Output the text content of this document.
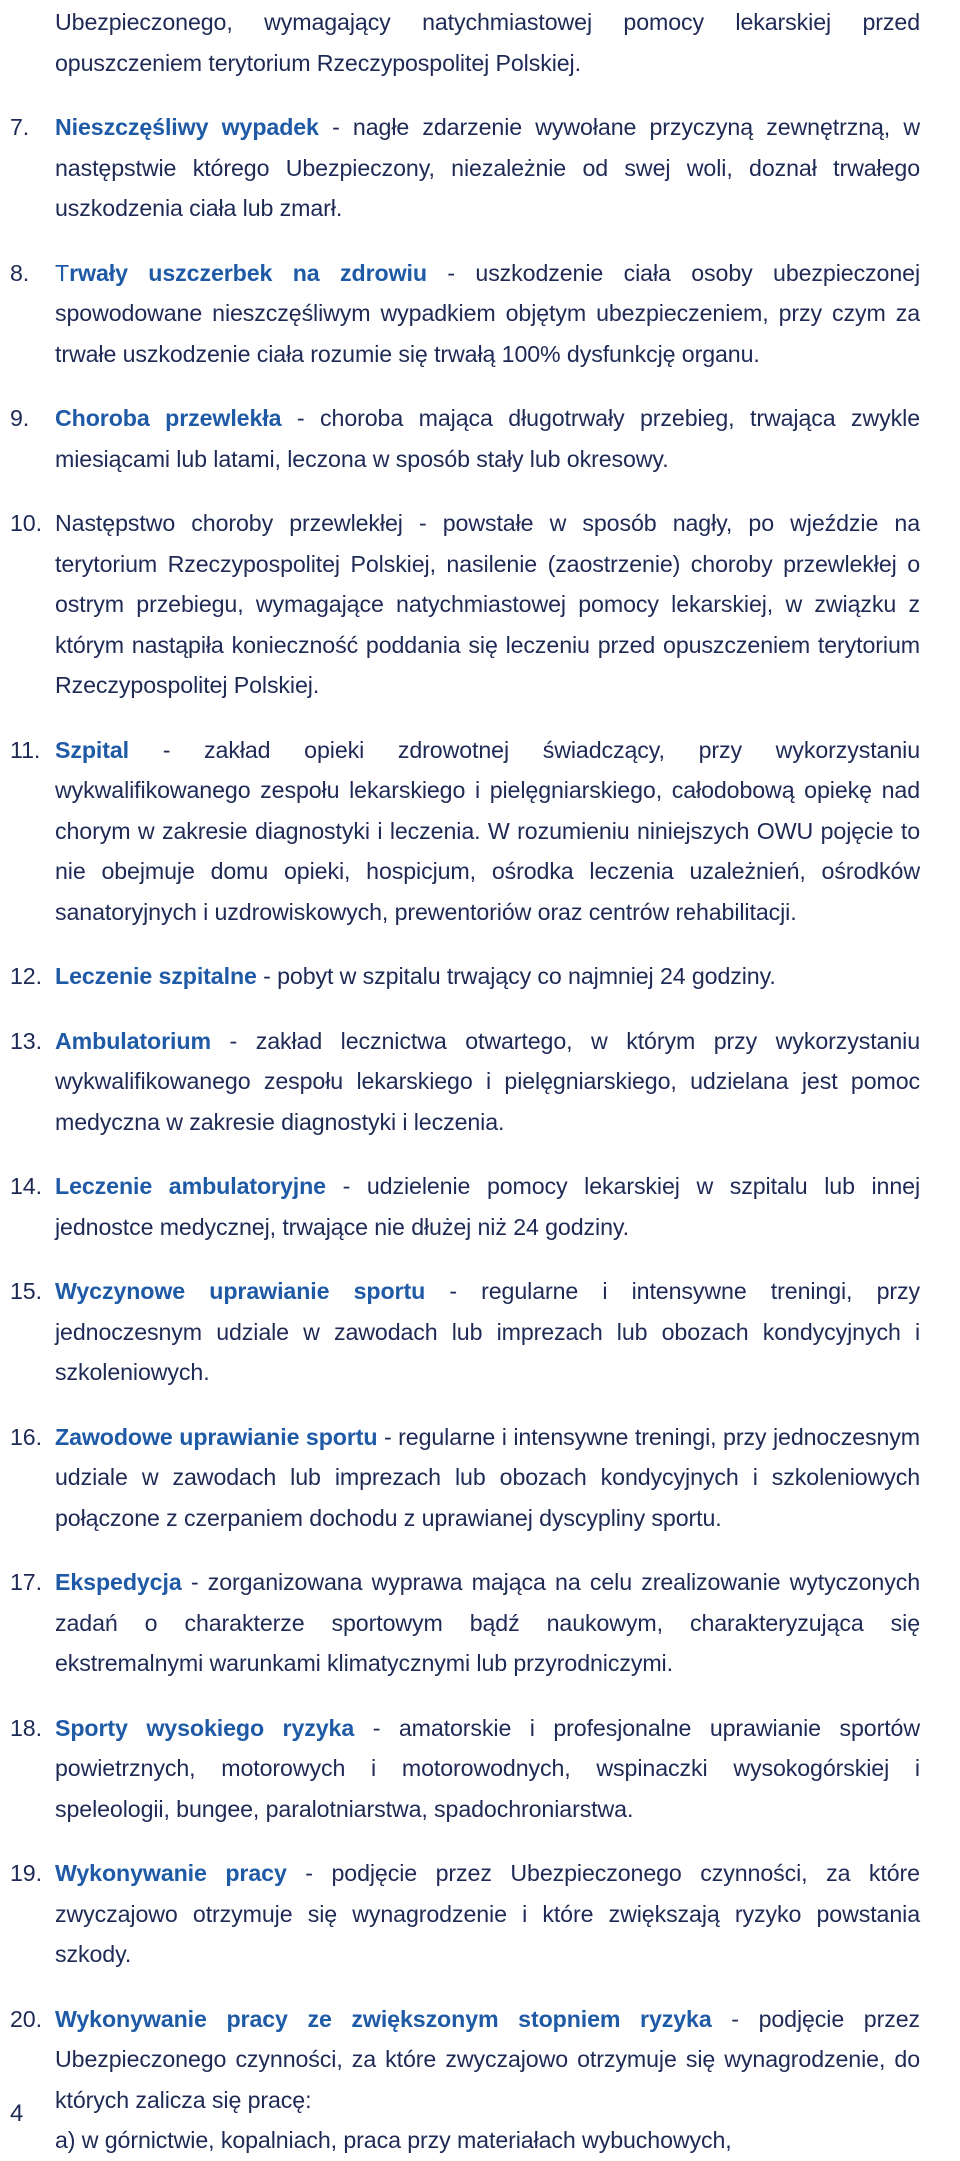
Ubezpieczonego, wymagający natychmiastowej pomocy lekarskiej przed opuszczeniem terytorium Rzeczypospolitej Polskiej.

7.	Nieszczęśliwy wypadek - nagłe zdarzenie wywołane przyczyną zewnętrzną, w następstwie którego Ubezpieczony, niezależnie od swej woli, doznał trwałego uszkodzenia ciała lub zmarł.

8.	Trwały uszczerbek na zdrowiu - uszkodzenie ciała osoby ubezpieczonej spowodowane nieszczęśliwym wypadkiem objętym ubezpieczeniem, przy czym za trwałe uszkodzenie ciała rozumie się trwałą 100% dysfunkcję organu.

9.	Choroba przewlekła - choroba mająca długotrwały przebieg, trwająca zwykle miesiącami lub latami, leczona w sposób stały lub okresowy.

10. Następstwo choroby przewlekłej - powstałe w sposób nagły, po wjeździe na terytorium Rzeczypospolitej Polskiej, nasilenie (zaostrzenie) choroby przewlekłej o ostrym przebiegu, wymagające natychmiastowej pomocy lekarskiej, w związku z którym nastąpiła konieczność poddania się leczeniu przed opuszczeniem terytorium Rzeczypospolitej Polskiej.

11. Szpital - zakład opieki zdrowotnej świadczący, przy wykorzystaniu wykwalifikowanego zespołu lekarskiego i pielęgniarskiego, całodobową opiekę nad chorym w zakresie diagnostyki i leczenia. W rozumieniu niniejszych OWU pojęcie to nie obejmuje domu opieki, hospicjum, ośrodka leczenia uzależnień, ośrodków sanatoryjnych i uzdrowiskowych, prewentoriów oraz centrów rehabilitacji.

12. Leczenie szpitalne - pobyt w szpitalu trwający co najmniej 24 godziny.

13. Ambulatorium - zakład lecznictwa otwartego, w którym przy wykorzystaniu wykwalifikowanego zespołu lekarskiego i pielęgniarskiego, udzielana jest pomoc medyczna w zakresie diagnostyki i leczenia.

14. Leczenie ambulatoryjne - udzielenie pomocy lekarskiej w szpitalu lub innej jednostce medycznej, trwające nie dłużej niż 24 godziny.

15. Wyczynowe uprawianie sportu - regularne i intensywne treningi, przy jednoczesnym udziale w zawodach lub imprezach lub obozach kondycyjnych i szkoleniowych.

16. Zawodowe uprawianie sportu - regularne i intensywne treningi, przy jednoczesnym udziale w zawodach lub imprezach lub obozach kondycyjnych i szkoleniowych połączone z czerpaniem dochodu z uprawianej dyscypliny sportu.

17. Ekspedycja - zorganizowana wyprawa mająca na celu zrealizowanie wytyczonych zadań o charakterze sportowym bądź naukowym, charakteryzująca się ekstremalnymi warunkami klimatycznymi lub przyrodniczymi.

18. Sporty wysokiego ryzyka - amatorskie i profesjonalne uprawianie sportów powietrznych, motorowych i motorowodnych, wspinaczki wysokogórskiej i speleologii, bungee, paralotniarstwa, spadochroniarstwa.

19. Wykonywanie pracy - podjęcie przez Ubezpieczonego czynności, za które zwyczajowo otrzymuje się wynagrodzenie i które zwiększają ryzyko powstania szkody.

20. Wykonywanie pracy ze zwiększonym stopniem ryzyka - podjęcie przez Ubezpieczonego czynności, za które zwyczajowo otrzymuje się wynagrodzenie, do których zalicza się pracę:
a) w górnictwie, kopalniach, praca przy materiałach wybuchowych,

4
